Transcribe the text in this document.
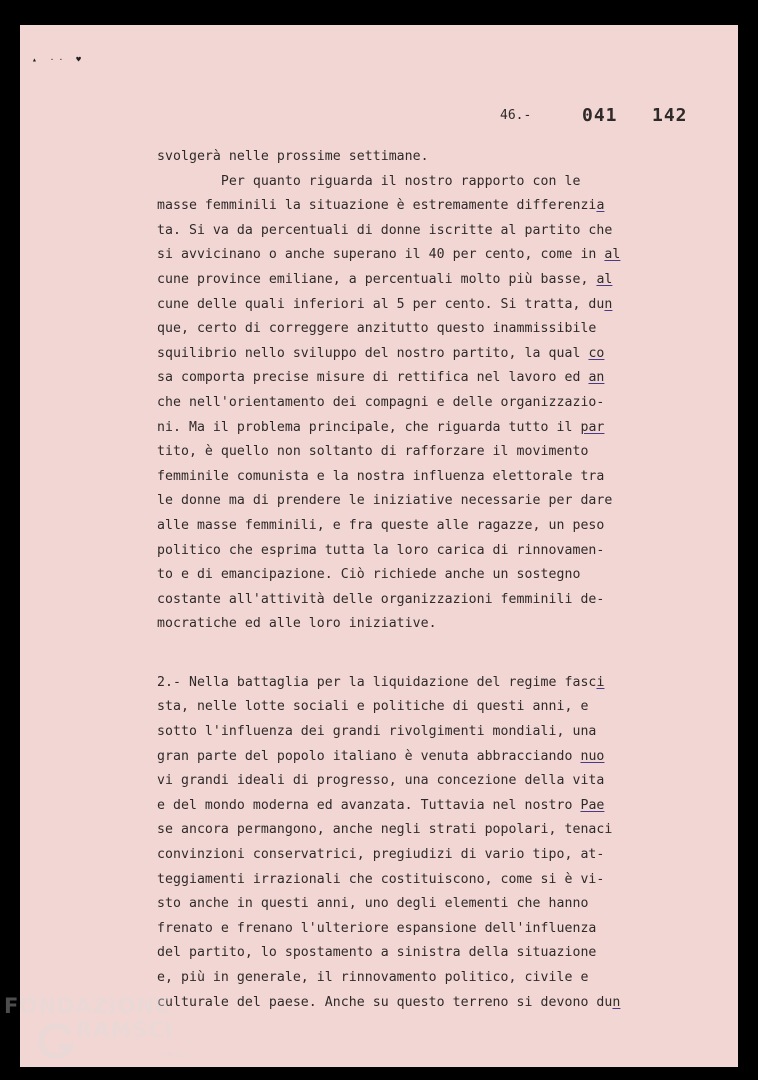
▴ ·· ♥
46.-	041 142
svolgerà nelle prossime settimane.
Per quanto riguarda il nostro rapporto con le
masse femminili la situazione è estremamente differenzia
ta. Si va da percentuali di donne iscritte al partito che
si avvicinano o anche superano il 40 per cento, come in al
cune province emiliane, a percentuali molto più basse, al
cune delle quali inferiori al 5 per cento. Si tratta, dun
que, certo di correggere anzitutto questo inammissibile
squilibrio nello sviluppo del nostro partito, la qual co
sa comporta precise misure di rettifica nel lavoro ed an
che nell'orientamento dei compagni e delle organizzazio-
ni. Ma il problema principale, che riguarda tutto il par
tito, è quello non soltanto di rafforzare il movimento
femminile comunista e la nostra influenza elettorale tra
le donne ma di prendere le iniziative necessarie per dare
alle masse femminili, e fra queste alle ragazze, un peso
politico che esprima tutta la loro carica di rinnovamen-
to e di emancipazione. Ciò richiede anche un sostegno
costante all'attività delle organizzazioni femminili de-
mocratiche ed alle loro iniziative.
2.- Nella battaglia per la liquidazione del regime fasci
sta, nelle lotte sociali e politiche di questi anni, e
sotto l'influenza dei grandi rivolgimenti mondiali, una
gran parte del popolo italiano è venuta abbracciando nuo
vi grandi ideali di progresso, una concezione della vita
e del mondo moderna ed avanzata. Tuttavia nel nostro Pae
se ancora permangono, anche negli strati popolari, tenaci
convinzioni conservatrici, pregiudizi di vario tipo, at-
teggiamenti irrazionali che costituiscono, come si è vi-
sto anche in questi anni, uno degli elementi che hanno
frenato e frenano l'ulteriore espansione dell'influenza
del partito, lo spostamento a sinistra della situazione
e, più in generale, il rinnovamento politico, civile e
culturale del paese. Anche su questo terreno si devono dun
FONDAZIONE
RAMSCI
onlus
